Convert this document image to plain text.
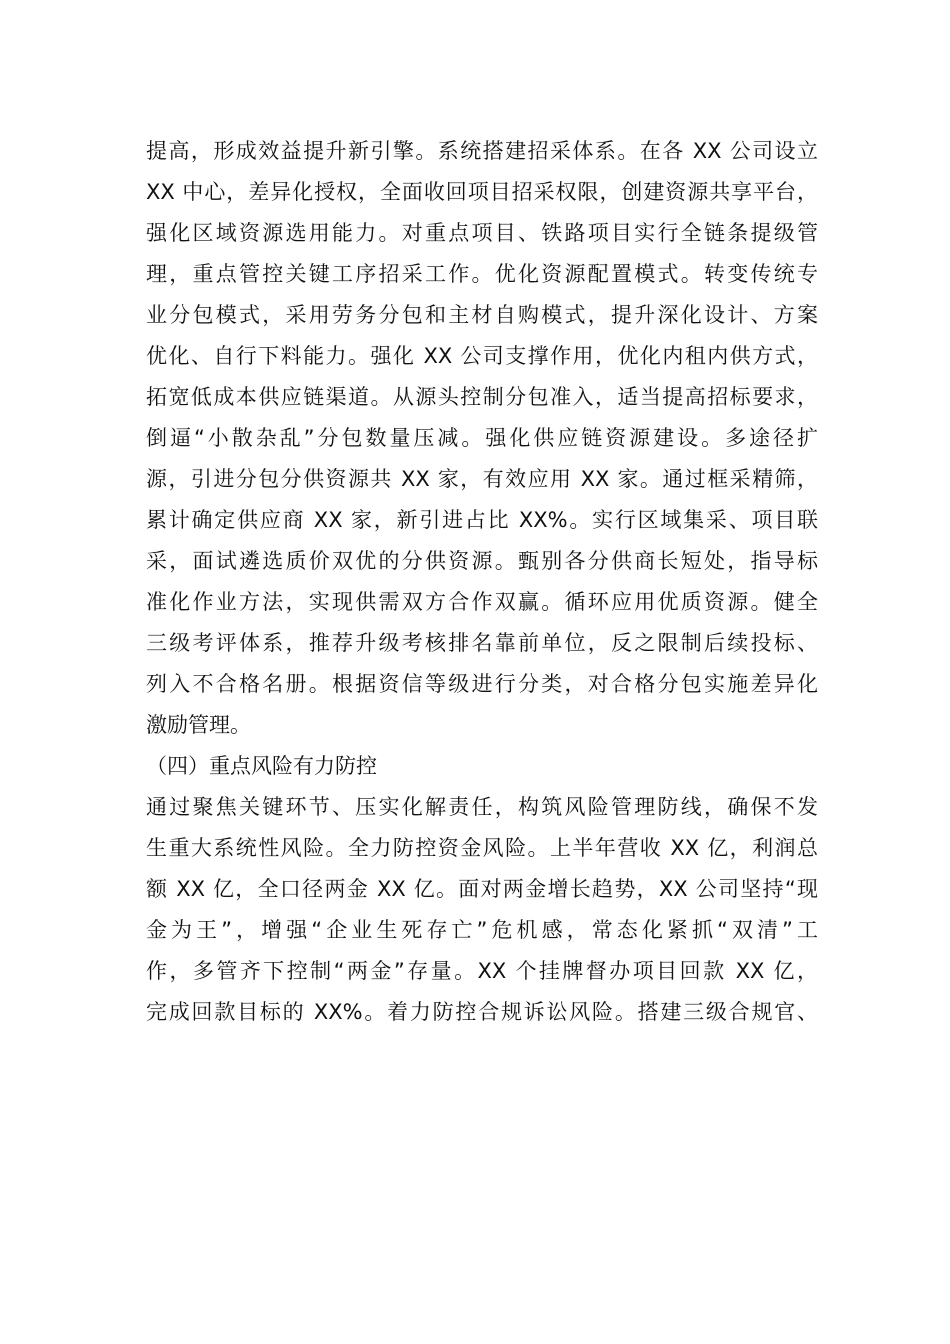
提高，形成效益提升新引擎。系统搭建招采体系。在各 XX 公司设立
XX 中心，差异化授权，全面收回项目招采权限，创建资源共享平台，
强化区域资源选用能力。对重点项目、铁路项目实行全链条提级管
理，重点管控关键工序招采工作。优化资源配置模式。转变传统专
业分包模式，采用劳务分包和主材自购模式，提升深化设计、方案
优化、自行下料能力。强化 XX 公司支撑作用，优化内租内供方式，
拓宽低成本供应链渠道。从源头控制分包准入，适当提高招标要求，
倒逼“小散杂乱”分包数量压减。强化供应链资源建设。多途径扩
源，引进分包分供资源共 XX 家，有效应用 XX 家。通过框采精筛，
累计确定供应商 XX 家，新引进占比 XX%。实行区域集采、项目联
采，面试遴选质价双优的分供资源。甄别各分供商长短处，指导标
准化作业方法，实现供需双方合作双赢。循环应用优质资源。健全
三级考评体系，推荐升级考核排名靠前单位，反之限制后续投标、
列入不合格名册。根据资信等级进行分类，对合格分包实施差异化
激励管理。
（四）重点风险有力防控
通过聚焦关键环节、压实化解责任，构筑风险管理防线，确保不发
生重大系统性风险。全力防控资金风险。上半年营收 XX 亿，利润总
额 XX 亿，全口径两金 XX 亿。面对两金增长趋势，XX 公司坚持“现
金为王”，增强“企业生死存亡”危机感，常态化紧抓“双清”工
作，多管齐下控制“两金”存量。XX 个挂牌督办项目回款 XX 亿，
完成回款目标的 XX%。着力防控合规诉讼风险。搭建三级合规官、
